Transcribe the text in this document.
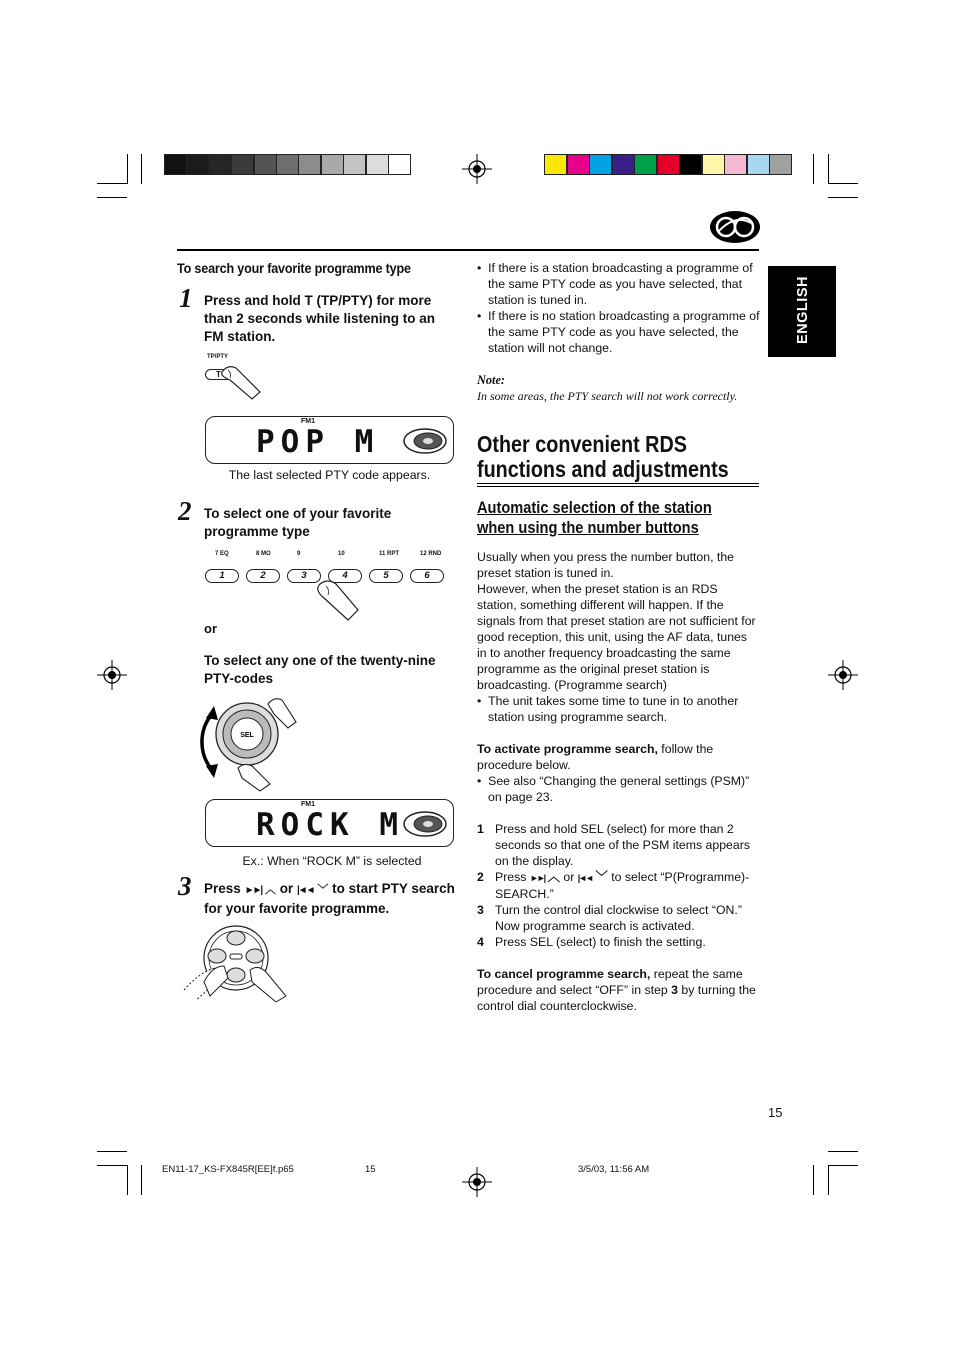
ENGLISH
To search your favorite programme type
1 Press and hold T (TP/PTY) for more than 2 seconds while listening to an FM station.
TP/PTY
T
FM1
POP M
The last selected PTY code appears.
2 To select one of your favorite programme type
7 EQ
1
8 MO
2
9
3
10
4
11 RPT
5
12 RND
6
or
To select any one of the twenty-nine PTY-codes
SEL
FM1
ROCK M
Ex.: When “ROCK M” is selected
3 Press ►►| ︿ or |◄◄ ﹀ to start PTY search for your favorite programme.
•  If there is a station broadcasting a programme of the same PTY code as you have selected, that station is tuned in.
•  If there is no station broadcasting a programme of the same PTY code as you have selected, the station will not change.
Note:
In some areas, the PTY search will not work correctly.
Other convenient RDS
functions and adjustments
Automatic selection of the station
when using the number buttons
Usually when you press the number button, the preset station is tuned in.
However, when the preset station is an RDS station, something different will happen. If the signals from that preset station are not sufficient for good reception, this unit, using the AF data, tunes in to another frequency broadcasting the same programme as the original preset station is broadcasting. (Programme search)
•  The unit takes some time to tune in to another station using programme search.
To activate programme search, follow the procedure below.
•  See also “Changing the general settings (PSM)” on page 23.
1 Press and hold SEL (select) for more than 2 seconds so that one of the PSM items appears on the display.
2 Press ►►| ︿ or |◄◄ ﹀ to select “P(Programme)-SEARCH.”
3 Turn the control dial clockwise to select “ON.” Now programme search is activated.
4 Press SEL (select) to finish the setting.
To cancel programme search, repeat the same procedure and select “OFF” in step 3 by turning the control dial counterclockwise.
15
EN11-17_KS-FX845R[EE]f.p65	15	3/5/03, 11:56 AM
